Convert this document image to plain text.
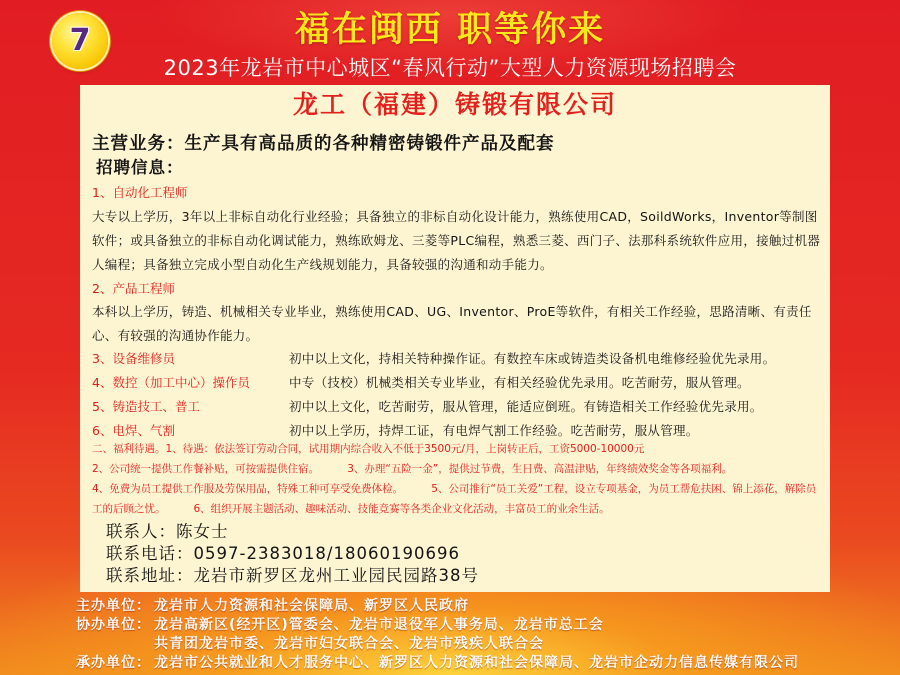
7	福在闽西 职等你来
2023年龙岩市中心城区“春风行动”大型人力资源现场招聘会
龙工（福建）铸锻有限公司
主营业务：生产具有高品质的各种精密铸锻件产品及配套
招聘信息：
1、自动化工程师
大专以上学历，3年以上非标自动化行业经验；具备独立的非标自动化设计能力，熟练使用CAD，SoildWorks，Inventor等制图软件；或具备独立的非标自动化调试能力，熟练欧姆龙、三菱等PLC编程，熟悉三菱、西门子、法那科系统软件应用，接触过机器人编程；具备独立完成小型自动化生产线规划能力，具备较强的沟通和动手能力。
2、产品工程师
本科以上学历，铸造、机械相关专业毕业，熟练使用CAD、UG、Inventor、ProE等软件，有相关工作经验，思路清晰、有责任心、有较强的沟通协作能力。
3、设备维修员	初中以上文化，持相关特种操作证。有数控车床或铸造类设备机电维修经验优先录用。
4、数控（加工中心）操作员	中专（技校）机械类相关专业毕业，有相关经验优先录用。吃苦耐劳，服从管理。
5、铸造技工、普工	初中以上文化，吃苦耐劳，服从管理，能适应倒班。有铸造相关工作经验优先录用。
6、电焊、气割	初中以上学历，持焊工证，有电焊气割工作经验。吃苦耐劳，服从管理。
二、福利待遇。1、待遇：依法签订劳动合同，试用期内综合收入不低于3500元/月，上岗转正后，工资5000-10000元
2、公司统一提供工作餐补贴，可按需提供住宿。	3、办理“五险一金”，提供过节费，生日费、高温津贴，年终绩效奖金等各项福利。
4、免费为员工提供工作服及劳保用品，特殊工种可享受免费体检。	5、公司推行“员工关爱”工程，设立专项基金，为员工帮危扶困、锦上添花，解除员工的后顾之忧。	6、组织开展主题活动、趣味活动、技能竞赛等各类企业文化活动，丰富员工的业余生活。
联系人：陈女士
联系电话：0597-2383018/18060190696
联系地址：龙岩市新罗区龙州工业园民园路38号
主办单位： 龙岩市人力资源和社会保障局、新罗区人民政府
协办单位： 龙岩高新区(经开区)管委会、龙岩市退役军人事务局、龙岩市总工会
共青团龙岩市委、龙岩市妇女联合会、龙岩市残疾人联合会
承办单位： 龙岩市公共就业和人才服务中心、新罗区人力资源和社会保障局、龙岩市企动力信息传媒有限公司
